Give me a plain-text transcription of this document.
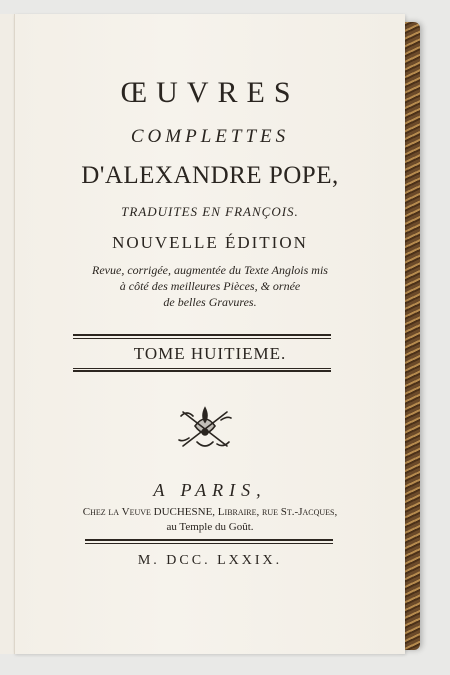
ŒUVRES
COMPLETTES
D'ALEXANDRE POPE,
TRADUITES EN FRANÇOIS.
NOUVELLE ÉDITION
Revue, corrigée, augmentée du Texte Anglois mis
à côté des meilleures Pièces, & ornée
de belles Gravures.
TOME HUITIEME.
A PARIS,
Chez la Veuve DUCHESNE, Libraire, rue St.-Jacques,
au Temple du Goût.
M. DCC. LXXIX.
